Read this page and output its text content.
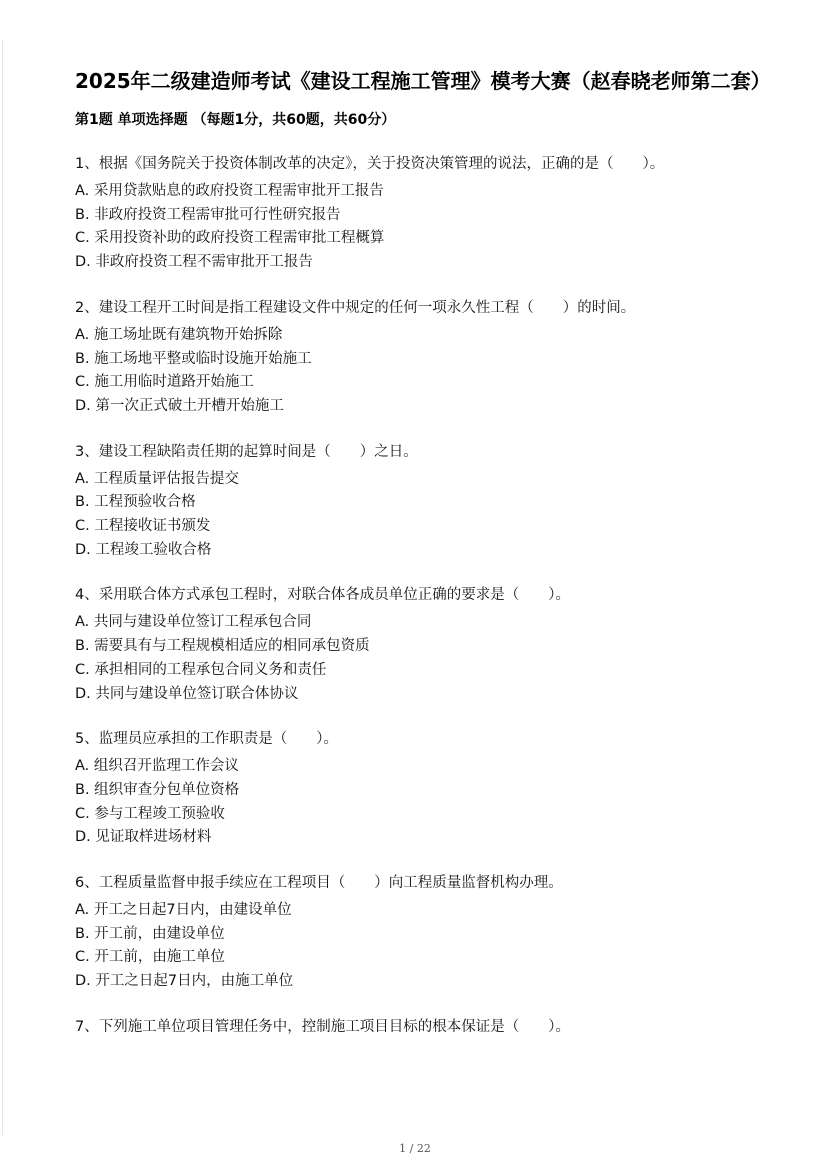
2025年二级建造师考试《建设工程施工管理》模考大赛（赵春晓老师第二套）
第1题 单项选择题 （每题1分，共60题，共60分）
1、根据《国务院关于投资体制改革的决定》，关于投资决策管理的说法，正确的是（　　）。
A. 采用贷款贴息的政府投资工程需审批开工报告
B. 非政府投资工程需审批可行性研究报告
C. 采用投资补助的政府投资工程需审批工程概算
D. 非政府投资工程不需审批开工报告
2、建设工程开工时间是指工程建设文件中规定的任何一项永久性工程（　　）的时间。
A. 施工场址既有建筑物开始拆除
B. 施工场地平整或临时设施开始施工
C. 施工用临时道路开始施工
D. 第一次正式破土开槽开始施工
3、建设工程缺陷责任期的起算时间是（　　）之日。
A. 工程质量评估报告提交
B. 工程预验收合格
C. 工程接收证书颁发
D. 工程竣工验收合格
4、采用联合体方式承包工程时，对联合体各成员单位正确的要求是（　　）。
A. 共同与建设单位签订工程承包合同
B. 需要具有与工程规模相适应的相同承包资质
C. 承担相同的工程承包合同义务和责任
D. 共同与建设单位签订联合体协议
5、监理员应承担的工作职责是（　　）。
A. 组织召开监理工作会议
B. 组织审查分包单位资格
C. 参与工程竣工预验收
D. 见证取样进场材料
6、工程质量监督申报手续应在工程项目（　　）向工程质量监督机构办理。
A. 开工之日起7日内，由建设单位
B. 开工前，由建设单位
C. 开工前，由施工单位
D. 开工之日起7日内，由施工单位
7、下列施工单位项目管理任务中，控制施工项目目标的根本保证是（　　）。
1 / 22
